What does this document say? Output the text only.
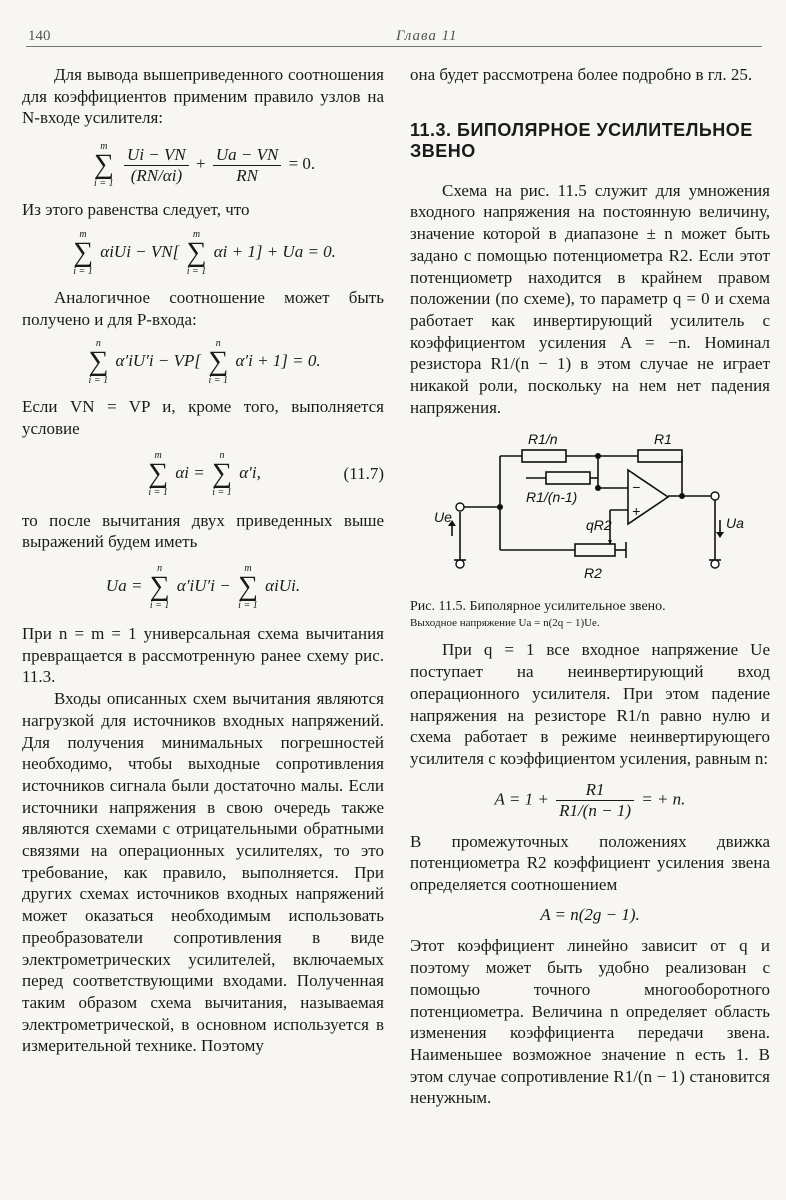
140	Глава 11

Для вывода вышеприведенного соотношения для коэффициентов применим правило узлов на N-входе усилителя:

m
∑
i = 1
$\frac{Ui - VN}{(RN/\alpha i)} + \frac{Ua - VN}{RN} = 0$.

Из этого равенства следует, что

m
∑
i = 1
αiUi − VN[
m
∑
i = 1
αi + 1] + Ua = 0.

Аналогичное соотношение может быть получено и для P-входа:

n
∑
i = 1
α′iU′i − VP[
n
∑
i = 1
α′i + 1] = 0.

Если VN = VP и, кроме того, выполняется условие

m
∑
i = 1
αi =
n
∑
i = 1
α′i,	(11.7)

то после вычитания двух приведенных выше выражений будем иметь

Ua =
n
∑
i = 1
α′iU′i −
m
∑
i = 1
αiUi.

При n = m = 1 универсальная схема вычитания превращается в рассмотренную ранее схему рис. 11.3.

Входы описанных схем вычитания являются нагрузкой для источников входных напряжений. Для получения минимальных погрешностей необходимо, чтобы выходные сопротивления источников сигнала были достаточно малы. Если источники напряжения в свою очередь также являются схемами с отрицательными обратными связями на операционных усилителях, то это требование, как правило, выполняется. При других схемах источников входных напряжений может оказаться необходимым использовать преобразователи сопротивления в виде электрометрических усилителей, включаемых перед соответствующими входами. Полученная таким образом схема вычитания, называемая электрометрической, в основном используется в измерительной технике. Поэтому

она будет рассмотрена более подробно в гл. 25.

11.3. БИПОЛЯРНОЕ УСИЛИТЕЛЬНОЕ ЗВЕНО

Схема на рис. 11.5 служит для умножения входного напряжения на постоянную величину, значение которой в диапазоне ± n может быть задано с помощью потенциометра R2. Если этот потенциометр находится в крайнем правом положении (по схеме), то параметр q = 0 и схема работает как инвертирующий усилитель с коэффициентом усиления A = −n. Номинал резистора R1/(n − 1) в этом случае не играет никакой роли, поскольку на нем нет падения напряжения.

R1/n	R1
R1/(n-1)
qR2
R2
Ue	Ua
−
+

Рис. 11.5. Биполярное усилительное звено.

Выходное напряжение Ua = n(2q − 1)Ue.

При q = 1 все входное напряжение Ue поступает на неинвертирующий вход операционного усилителя. При этом падение напряжения на резисторе R1/n равно нулю и схема работает в режиме неинвертирующего усилителя с коэффициентом усиления, равным n:

$A = 1 + \frac{R1}{R1/(n - 1)}$ = + n.

В промежуточных положениях движка потенциометра R2 коэффициент усиления звена определяется соотношением

A = n(2g − 1).

Этот коэффициент линейно зависит от q и поэтому может быть удобно реализован с помощью точного многооборотного потенциометра. Величина n определяет область изменения коэффициента передачи звена. Наименьшее возможное значение n есть 1. В этом случае сопротивление R1/(n − 1) становится ненужным.
